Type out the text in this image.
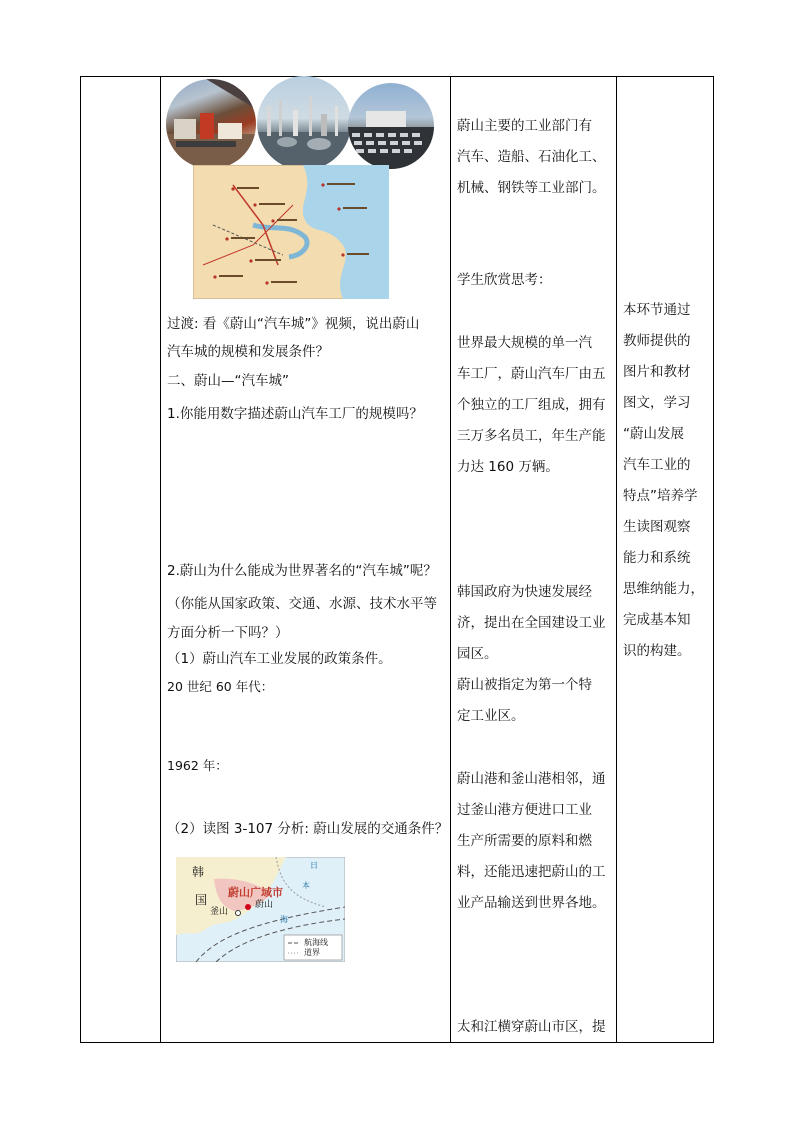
过渡: 看《蔚山“汽车城”》视频，说出蔚山
汽车城的规模和发展条件？
二、蔚山—“汽车城”
1.你能用数字描述蔚山汽车工厂的规模吗？
2.蔚山为什么能成为世界著名的“汽车城”呢？
（你能从国家政策、交通、水源、技术水平等
方面分析一下吗？）
（1）蔚山汽车工业发展的政策条件。
20 世纪 60 年代：
1962 年：
（2）读图 3-107 分析: 蔚山发展的交通条件？
韩
国
蔚山广域市
蔚山
釜山
日
本
海
航海线
道界
蔚山主要的工业部门有
汽车、造船、石油化工、
机械、钢铁等工业部门。
学生欣赏思考：
世界最大规模的单一汽
车工厂，蔚山汽车厂由五
个独立的工厂组成，拥有
三万多名员工，年生产能
力达 160 万辆。
韩国政府为快速发展经
济，提出在全国建设工业
园区。
蔚山被指定为第一个特
定工业区。
蔚山港和釜山港相邻，通
过釜山港方便进口工业
生产所需要的原料和燃
料，还能迅速把蔚山的工
业产品输送到世界各地。
太和江横穿蔚山市区，提
本环节通过
教师提供的
图片和教材
图文，学习
“蔚山发展
汽车工业的
特点”培养学
生读图观察
能力和系统
思维纳能力，
完成基本知
识的构建。
